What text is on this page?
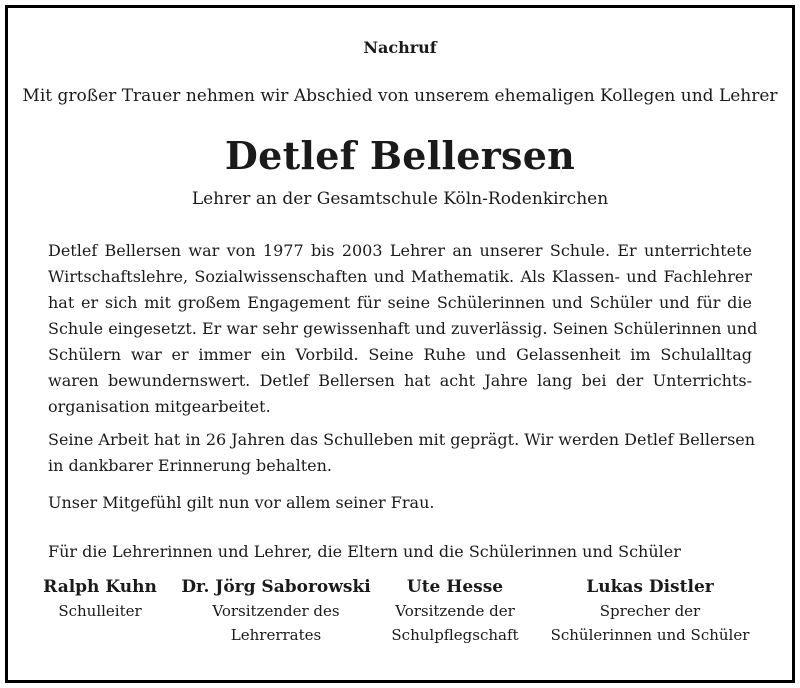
Nachruf
Mit großer Trauer nehmen wir Abschied von unserem ehemaligen Kollegen und Lehrer
Detlef Bellersen
Lehrer an der Gesamtschule Köln-Rodenkirchen
Detlef Bellersen war von 1977 bis 2003 Lehrer an unserer Schule. Er unterrichtete
Wirtschaftslehre, Sozialwissenschaften und Mathematik. Als Klassen- und Fachlehrer
hat er sich mit großem Engagement für seine Schülerinnen und Schüler und für die
Schule eingesetzt. Er war sehr gewissenhaft und zuverlässig. Seinen Schülerinnen und
Schülern war er immer ein Vorbild. Seine Ruhe und Gelassenheit im Schulalltag
waren bewundernswert. Detlef Bellersen hat acht Jahre lang bei der Unterrichts-
organisation mitgearbeitet.
Seine Arbeit hat in 26 Jahren das Schulleben mit geprägt. Wir werden Detlef Bellersen
in dankbarer Erinnerung behalten.
Unser Mitgefühl gilt nun vor allem seiner Frau.
Für die Lehrerinnen und Lehrer, die Eltern und die Schülerinnen und Schüler
Ralph Kuhn
Schulleiter
Dr. Jörg Saborowski
Vorsitzender des
Lehrerrates
Ute Hesse
Vorsitzende der
Schulpflegschaft
Lukas Distler
Sprecher der
Schülerinnen und Schüler
